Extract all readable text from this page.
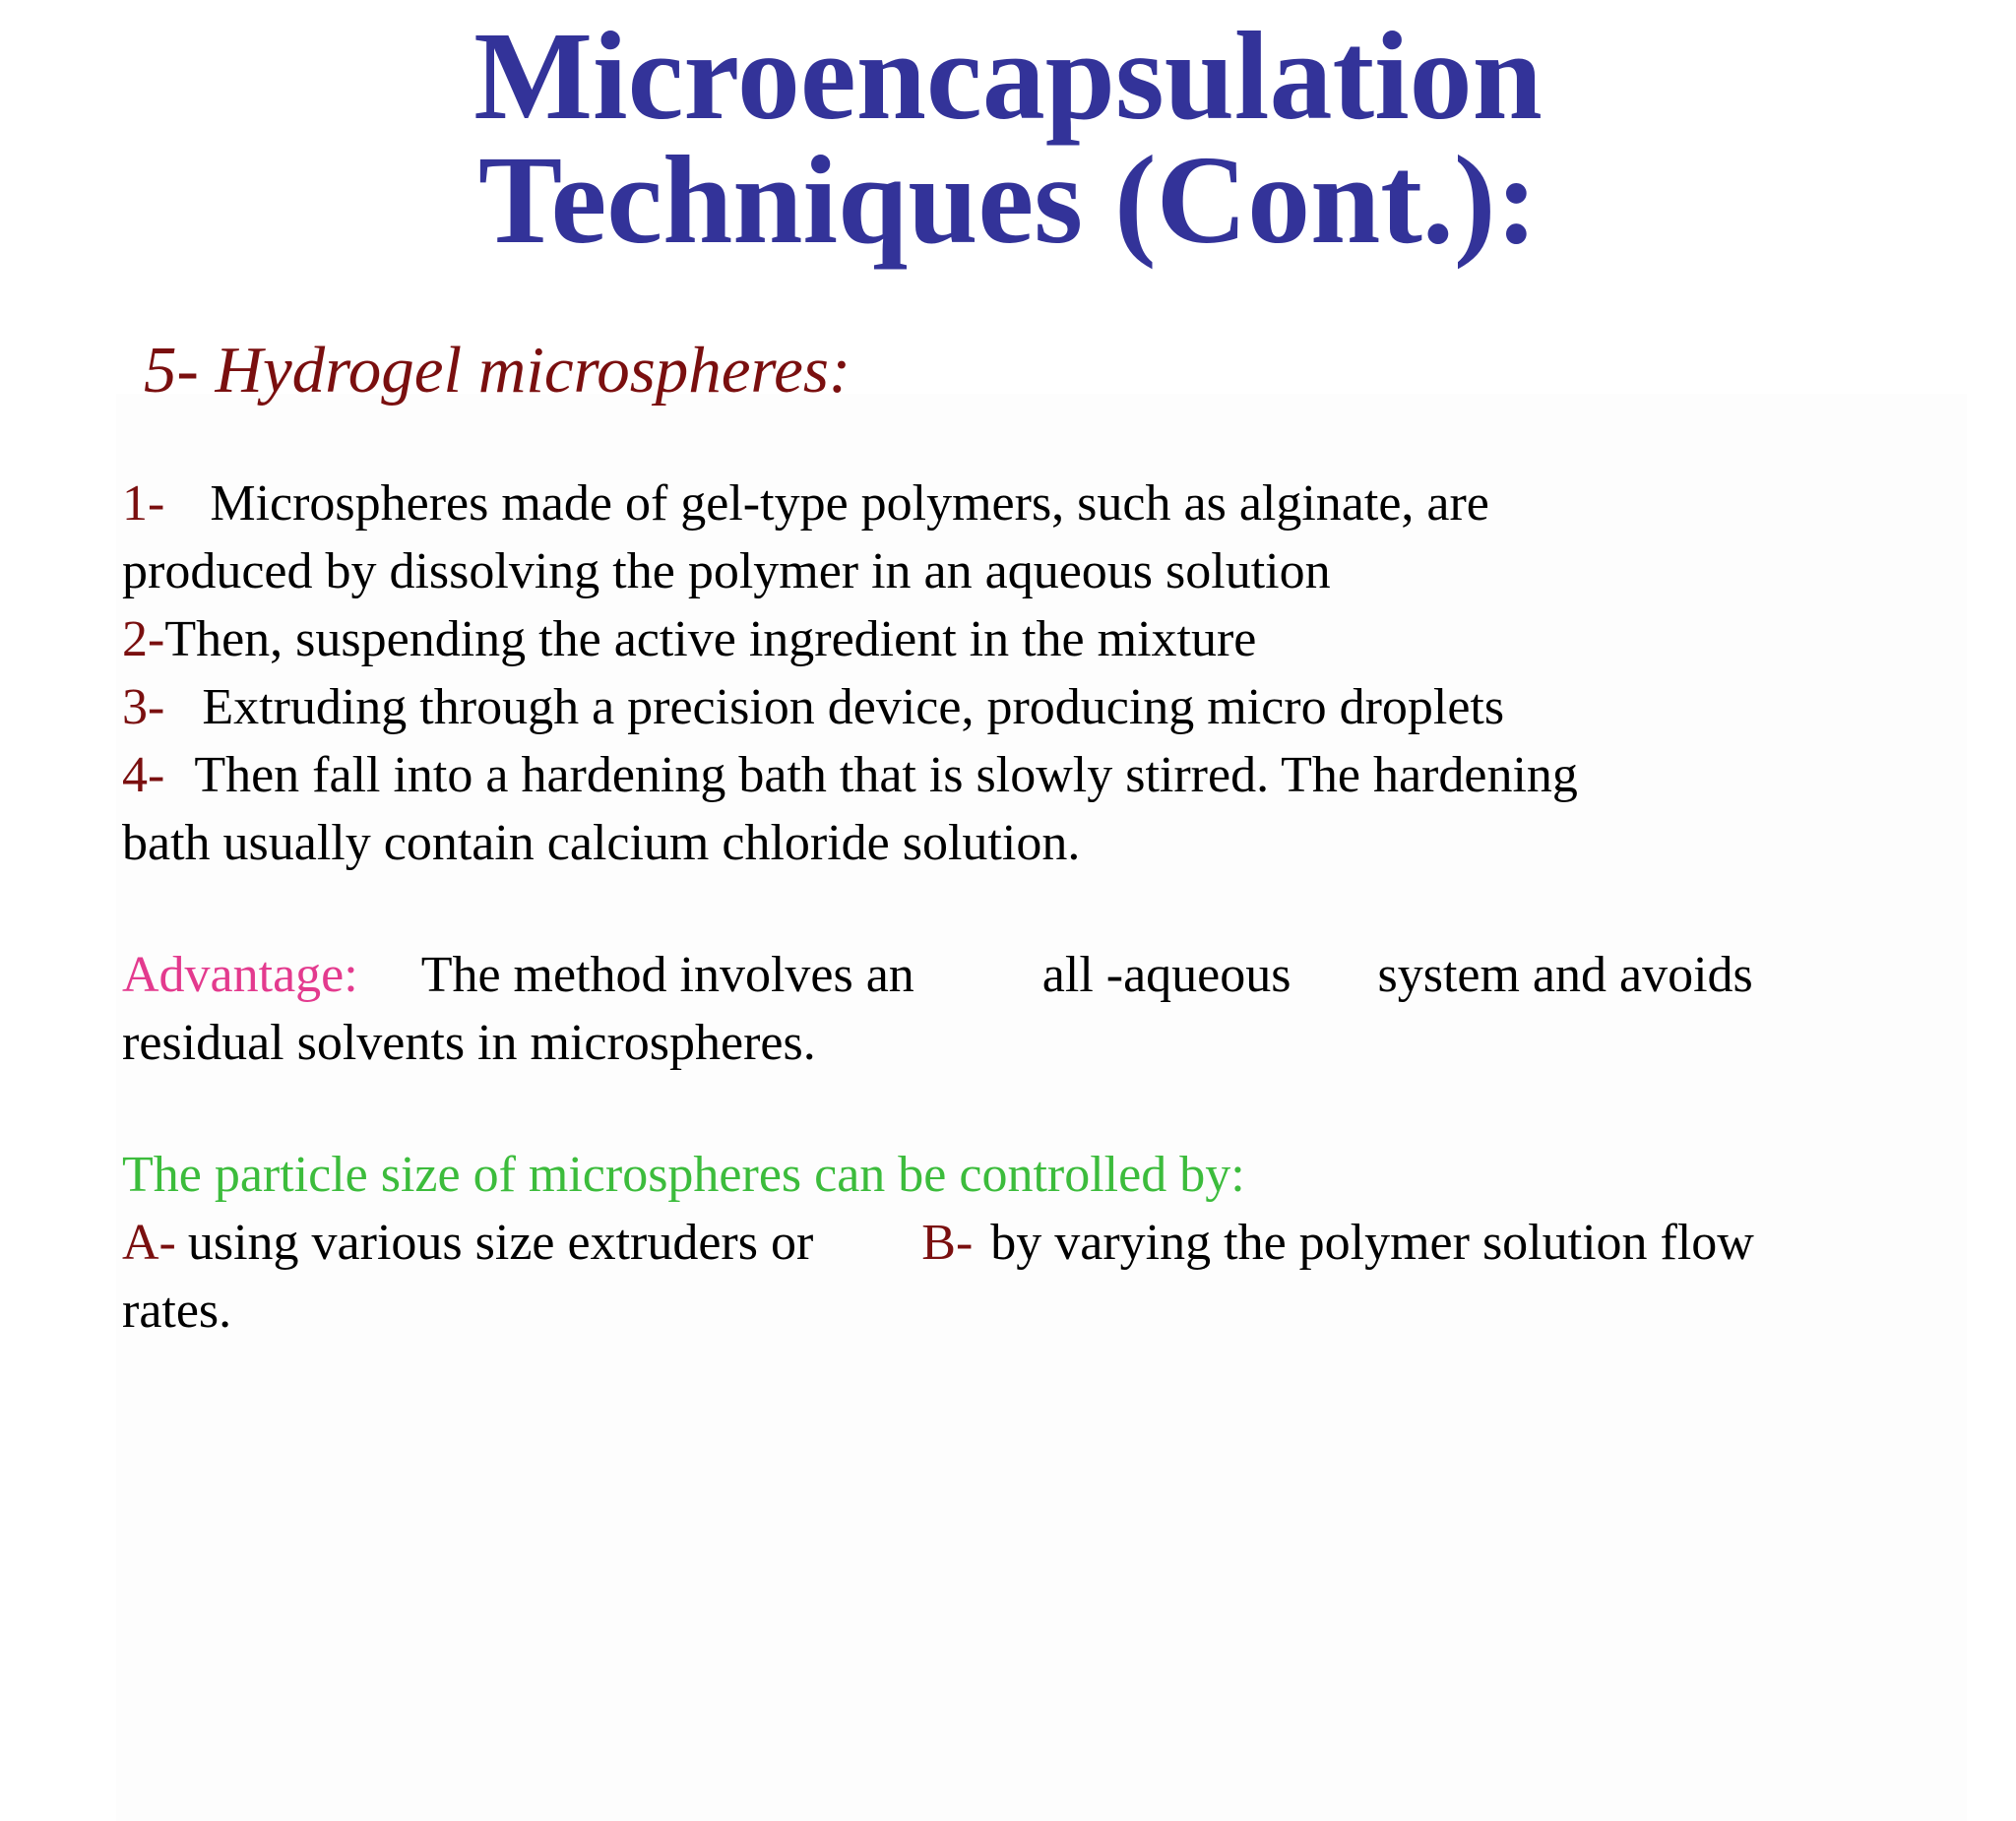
Microencapsulation
Techniques (Cont.):
5- Hydrogel microspheres:

1- Microspheres made of gel-type polymers, such as alginate, are

produced by dissolving the polymer in an aqueous solution

2-Then, suspending the active ingredient in the mixture

3- Extruding through a precision device, producing micro droplets

4- Then fall into a hardening bath that is slowly stirred. The hardening

bath usually contain calcium chloride solution.

Advantage: The method involves an	all -aqueous system and avoids

residual solvents in microspheres.

The particle size of microspheres can be controlled by:

A- using various size extruders or B- by varying the polymer solution flow

rates.
